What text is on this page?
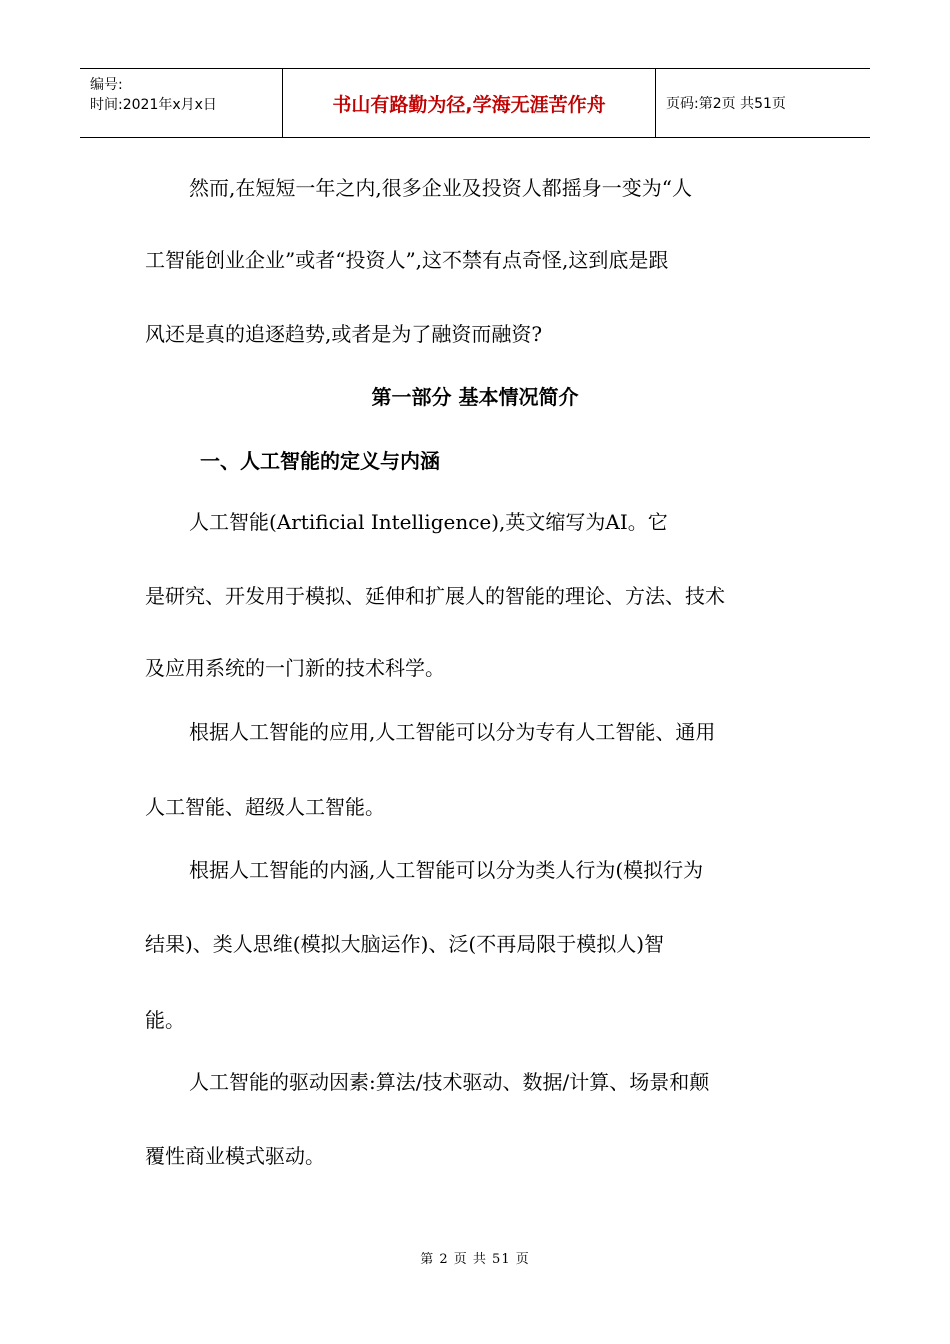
编号:
时间:2021年x月x日	书山有路勤为径,学海无涯苦作舟	页码:第2页 共51页
然而,在短短一年之内,很多企业及投资人都摇身一变为“人
工智能创业企业”或者“投资人”,这不禁有点奇怪,这到底是跟
风还是真的追逐趋势,或者是为了融资而融资?
第一部分 基本情况简介
一、人工智能的定义与内涵
人工智能(Artificial Intelligence),英文缩写为AI。它
是研究、开发用于模拟、延伸和扩展人的智能的理论、方法、技术
及应用系统的一门新的技术科学。
根据人工智能的应用,人工智能可以分为专有人工智能、通用
人工智能、超级人工智能。
根据人工智能的内涵,人工智能可以分为类人行为(模拟行为
结果)、类人思维(模拟大脑运作)、泛(不再局限于模拟人)智
能。
人工智能的驱动因素:算法/技术驱动、数据/计算、场景和颠
覆性商业模式驱动。
第 2 页 共 51 页
